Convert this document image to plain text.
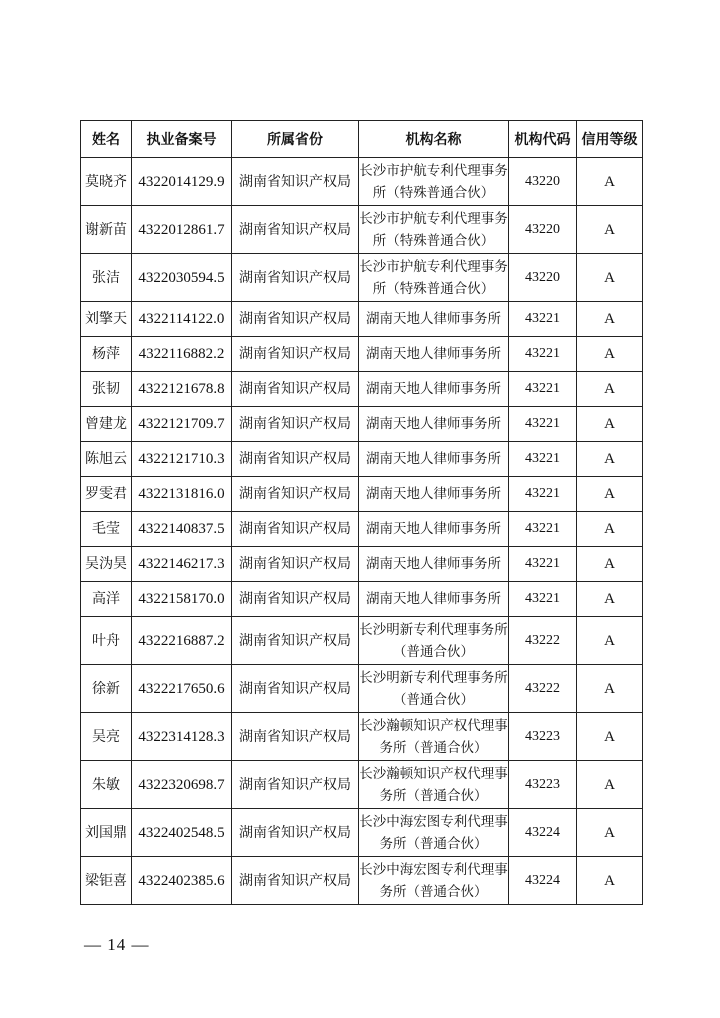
姓名	执业备案号	所属省份	机构名称	机构代码	信用等级
莫晓齐	4322014129.9	湖南省知识产权局	长沙市护航专利代理事务所（特殊普通合伙）	43220	A
谢新苗	4322012861.7	湖南省知识产权局	长沙市护航专利代理事务所（特殊普通合伙）	43220	A
张洁	4322030594.5	湖南省知识产权局	长沙市护航专利代理事务所（特殊普通合伙）	43220	A
刘擎天	4322114122.0	湖南省知识产权局	湖南天地人律师事务所	43221	A
杨萍	4322116882.2	湖南省知识产权局	湖南天地人律师事务所	43221	A
张韧	4322121678.8	湖南省知识产权局	湖南天地人律师事务所	43221	A
曾建龙	4322121709.7	湖南省知识产权局	湖南天地人律师事务所	43221	A
陈旭云	4322121710.3	湖南省知识产权局	湖南天地人律师事务所	43221	A
罗雯君	4322131816.0	湖南省知识产权局	湖南天地人律师事务所	43221	A
毛莹	4322140837.5	湖南省知识产权局	湖南天地人律师事务所	43221	A
吴沩昊	4322146217.3	湖南省知识产权局	湖南天地人律师事务所	43221	A
高洋	4322158170.0	湖南省知识产权局	湖南天地人律师事务所	43221	A
叶舟	4322216887.2	湖南省知识产权局	长沙明新专利代理事务所（普通合伙）	43222	A
徐新	4322217650.6	湖南省知识产权局	长沙明新专利代理事务所（普通合伙）	43222	A
吴亮	4322314128.3	湖南省知识产权局	长沙瀚顿知识产权代理事务所（普通合伙）	43223	A
朱敏	4322320698.7	湖南省知识产权局	长沙瀚顿知识产权代理事务所（普通合伙）	43223	A
刘国鼎	4322402548.5	湖南省知识产权局	长沙中海宏图专利代理事务所（普通合伙）	43224	A
梁钜喜	4322402385.6	湖南省知识产权局	长沙中海宏图专利代理事务所（普通合伙）	43224	A
— 14 —
